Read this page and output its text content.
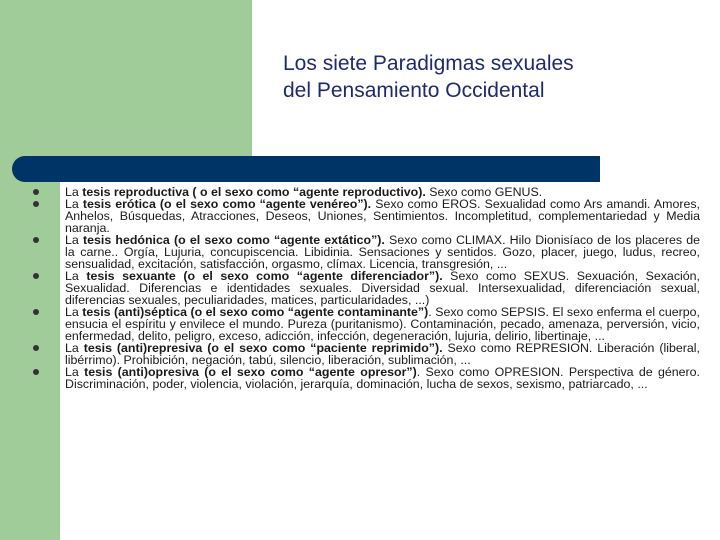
Los siete Paradigmas sexuales
del Pensamiento Occidental
La tesis reproductiva ( o el sexo como “agente reproductivo). Sexo como GENUS.
La tesis erótica (o el sexo como “agente venéreo”). Sexo como EROS. Sexualidad como Ars amandi. Amores, Anhelos, Búsquedas, Atracciones, Deseos, Uniones, Sentimientos. Incompletitud, complementariedad y Media naranja.
La tesis hedónica (o el sexo como “agente extático”). Sexo como CLIMAX. Hilo Dionisíaco de los placeres de la carne.. Orgía, Lujuria, concupiscencia. Libidinia. Sensaciones y sentidos. Gozo, placer, juego, ludus, recreo, sensualidad, excitación, satisfacción, orgasmo, clímax. Licencia, transgresión, ...
La tesis sexuante (o el sexo como “agente diferenciador”). Sexo como SEXUS. Sexuación, Sexación, Sexualidad. Diferencias e identidades sexuales. Diversidad sexual. Intersexualidad, diferenciación sexual, diferencias sexuales, peculiaridades, matices, particularidades, ...)
La tesis (anti)séptica (o el sexo como “agente contaminante”). Sexo como SEPSIS. El sexo enferma el cuerpo, ensucia el espíritu y envilece el mundo. Pureza (puritanismo). Contaminación, pecado, amenaza, perversión, vicio, enfermedad, delito, peligro, exceso, adicción, infección, degeneración, lujuria, delirio, libertinaje, ...
La tesis (anti)represiva (o el sexo como “paciente reprimido”). Sexo como REPRESION. Liberación (liberal, libérrimo). Prohibición, negación, tabú, silencio, liberación, sublimación, ...
La tesis (anti)opresiva (o el sexo como “agente opresor”). Sexo como OPRESION. Perspectiva de género. Discriminación, poder, violencia, violación, jerarquía, dominación, lucha de sexos, sexismo, patriarcado, ...
